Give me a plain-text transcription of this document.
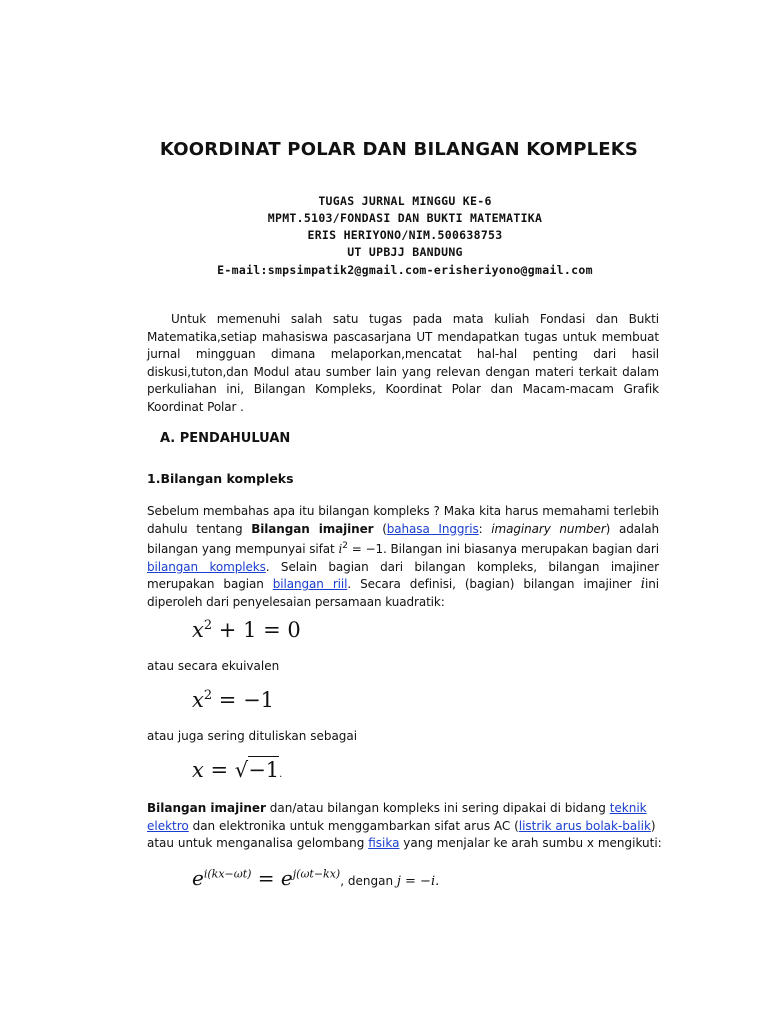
KOORDINAT POLAR DAN BILANGAN KOMPLEKS
TUGAS JURNAL MINGGU KE-6
MPMT.5103/FONDASI DAN BUKTI MATEMATIKA
ERIS HERIYONO/NIM.500638753
UT UPBJJ BANDUNG
E-mail:smpsimpatik2@gmail.com-erisheriyono@gmail.com
Untuk memenuhi salah satu tugas pada mata kuliah Fondasi dan Bukti Matematika,setiap mahasiswa pascasarjana UT mendapatkan tugas untuk membuat jurnal mingguan dimana melaporkan,mencatat hal-hal penting dari hasil diskusi,tuton,dan Modul atau sumber lain yang relevan dengan materi terkait dalam perkuliahan ini, Bilangan Kompleks, Koordinat Polar dan Macam-macam Grafik Koordinat Polar .
A. PENDAHULUAN
1.Bilangan kompleks
Sebelum membahas apa itu bilangan kompleks ? Maka kita harus memahami terlebih dahulu tentang Bilangan imajiner (bahasa Inggris: imaginary number) adalah bilangan yang mempunyai sifat $i^2 = -1$. Bilangan ini biasanya merupakan bagian dari bilangan kompleks. Selain bagian dari bilangan kompleks, bilangan imajiner merupakan bagian bilangan riil. Secara definisi, (bagian) bilangan imajiner iini diperoleh dari penyelesaian persamaan kuadratik:
$x^2 + 1 = 0$
atau secara ekuivalen
$x^2 = -1$
atau juga sering dituliskan sebagai
x = √−1.
Bilangan imajiner dan/atau bilangan kompleks ini sering dipakai di bidang teknik elektro dan elektronika untuk menggambarkan sifat arus AC (listrik arus bolak-balik) atau untuk menganalisa gelombang fisika yang menjalar ke arah sumbu x mengikuti:
$e^{i(kx-\omega t)} = e^{j(\omega t-kx)}$, dengan j = −i.
